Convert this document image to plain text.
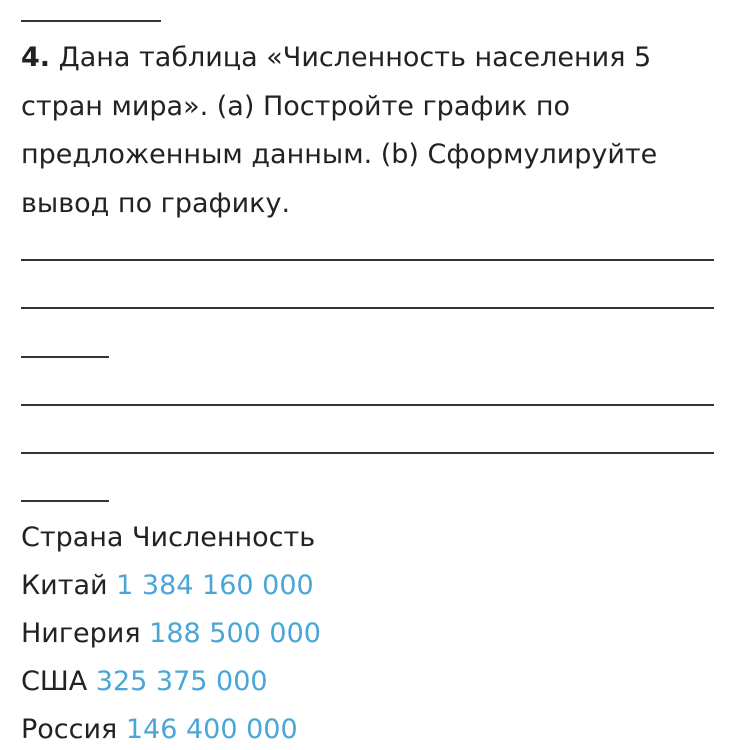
4. Дана таблица «Численность населения 5 стран мира». (a) Постройте график по предложенным данным. (b) Сформулируйте вывод по графику.

Страна Численность
Китай 1 384 160 000
Нигерия 188 500 000
США 325 375 000
Россия 146 400 000
